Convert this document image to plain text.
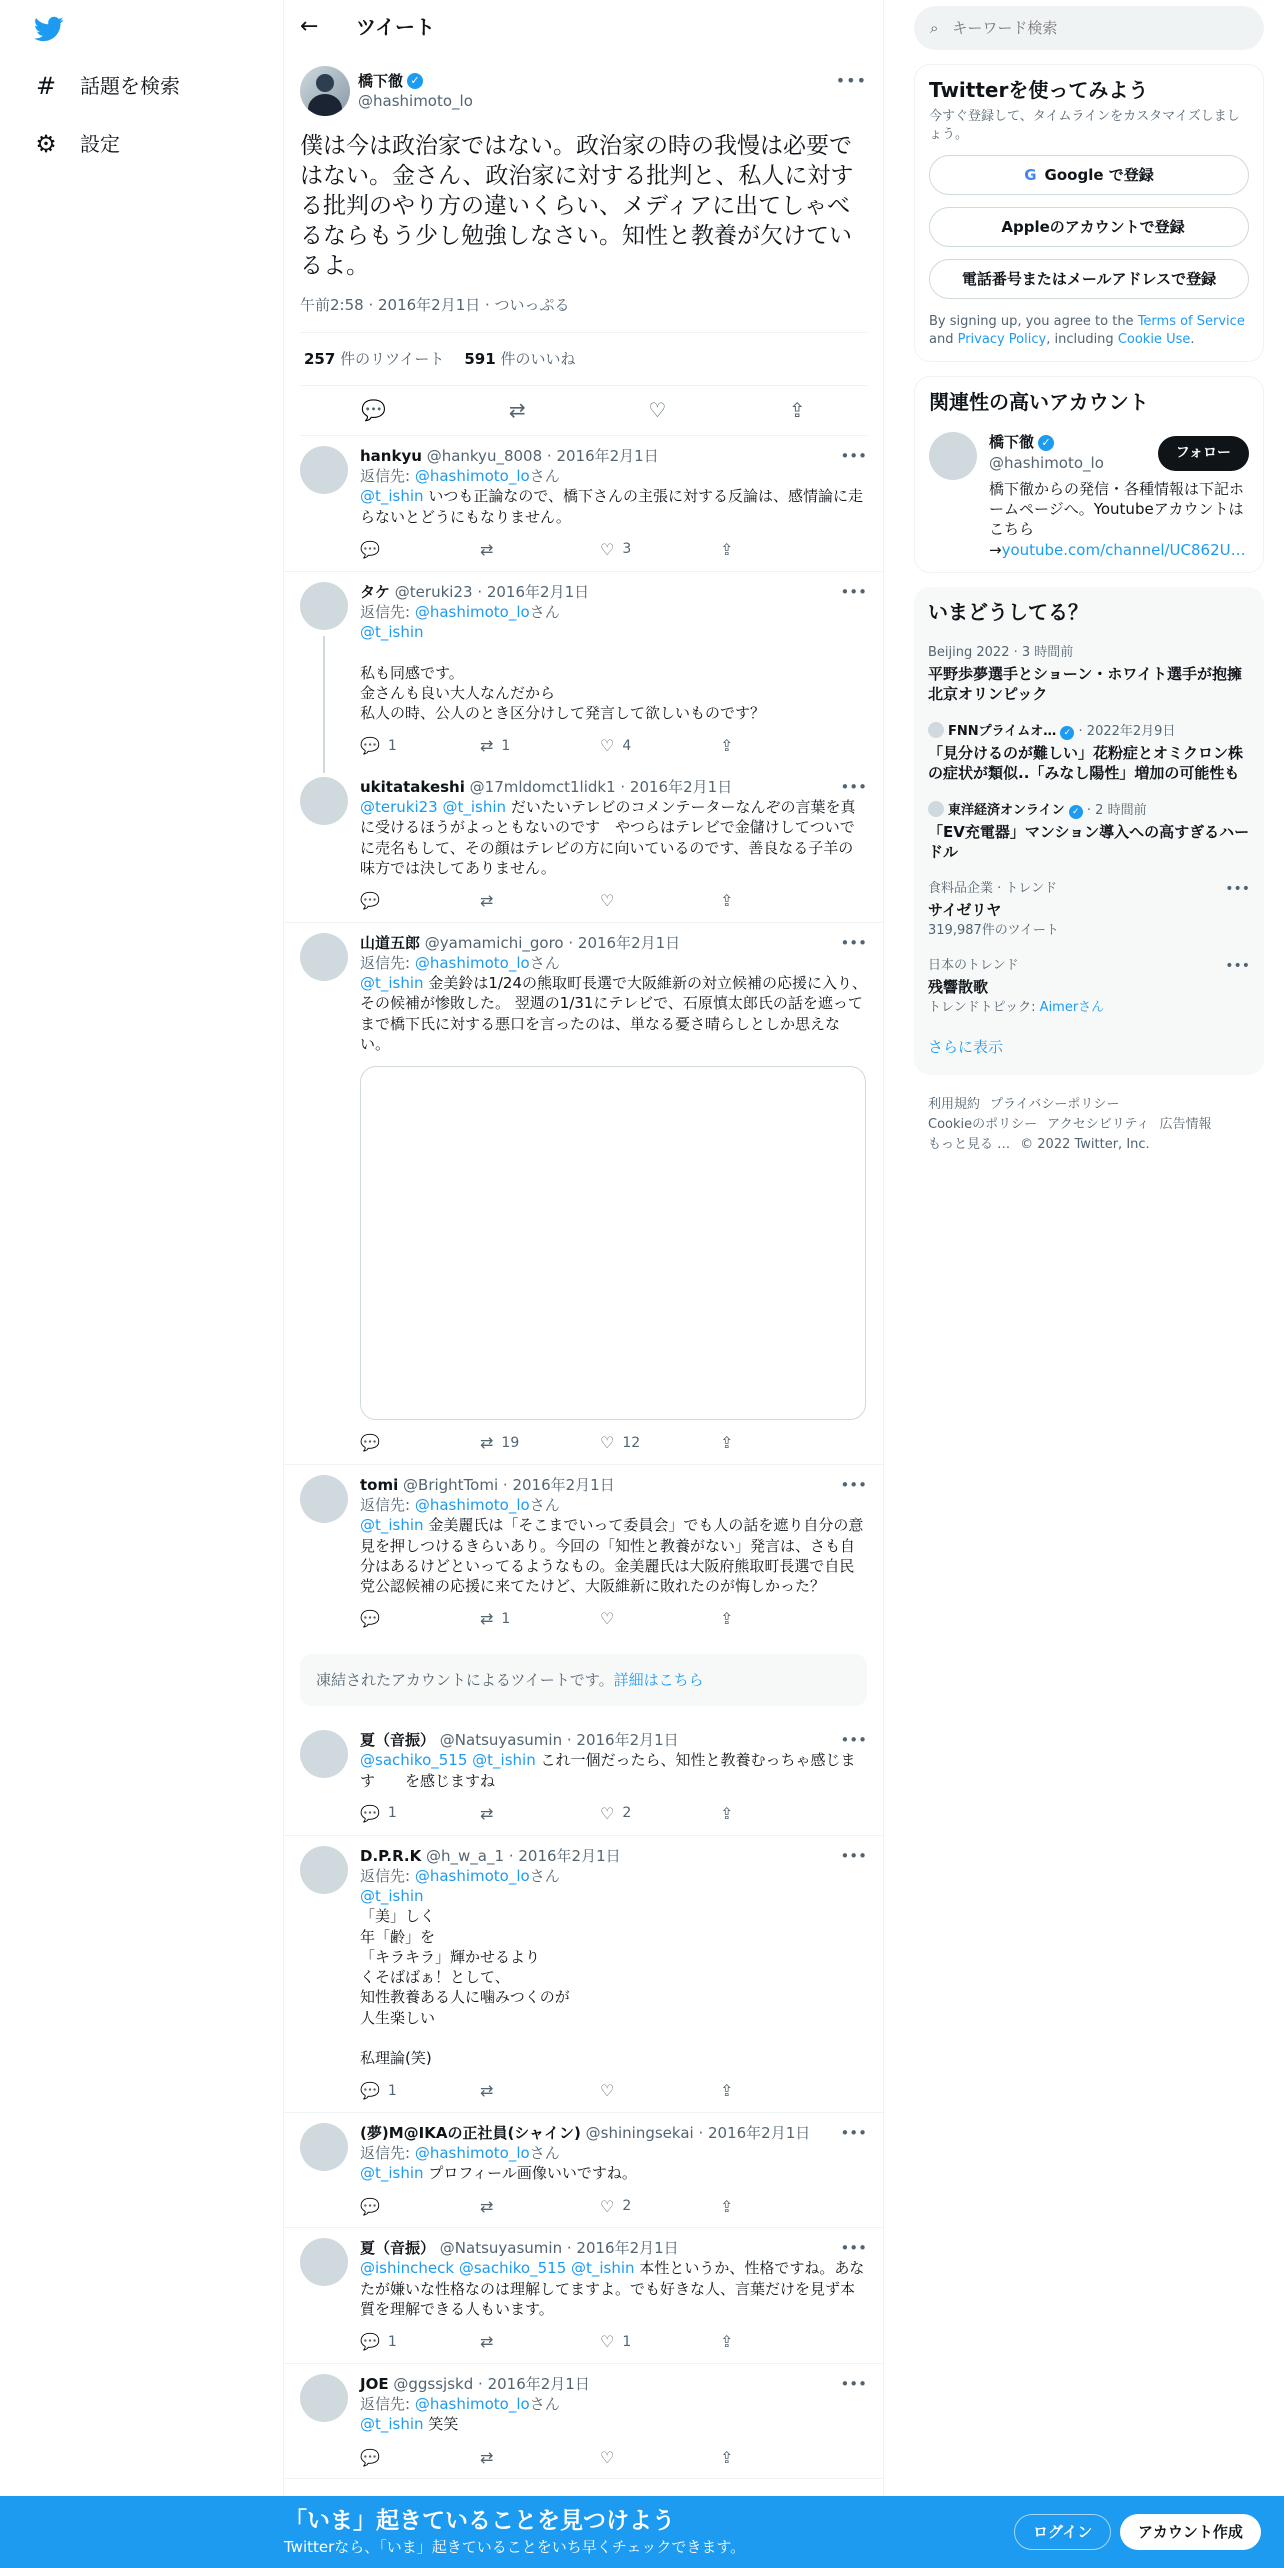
# 話題を検索
⚙ 設定
←	ツイート
橋下徹 ✓
@hashimoto_lo
•••
僕は今は政治家ではない。政治家の時の我慢は必要ではない。金さん、政治家に対する批判と、私人に対する批判のやり方の違いくらい、メディアに出てしゃべるならもう少し勉強しなさい。知性と教養が欠けているよ。
午前2:58 · 2016年2月1日 · ついっぷる
257 件のリツイート 591 件のいいね
💬	⇄	♡	⇪
hankyu @hankyu_8008 · 2016年2月1日
返信先: @hashimoto_loさん
@t_ishin いつも正論なので、橋下さんの主張に対する反論は、感情論に走らないとどうにもなりません。
💬	⇄	♡ 3	⇪
•••
タケ @teruki23 · 2016年2月1日
返信先: @hashimoto_loさん
@t_ishin

私も同感です。
金さんも良い大人なんだから
私人の時、公人のとき区分けして発言して欲しいものです？
💬 1	⇄ 1	♡ 4	⇪
•••
ukitatakeshi @17mldomct1lidk1 · 2016年2月1日
@teruki23 @t_ishin だいたいテレビのコメンテーターなんぞの言葉を真に受けるほうがよっともないのです　やつらはテレビで金儲けしてついでに売名もして、その顔はテレビの方に向いているのです、善良なる子羊の味方では決してありません。
💬	⇄	♡	⇪
•••
山道五郎 @yamamichi_goro · 2016年2月1日
返信先: @hashimoto_loさん
@t_ishin 金美鈴は1/24の熊取町長選で大阪維新の対立候補の応援に入り、その候補が惨敗した。 翌週の1/31にテレビで、石原慎太郎氏の話を遮ってまで橋下氏に対する悪口を言ったのは、単なる憂さ晴らしとしか思えない。
💬	⇄ 19	♡ 12	⇪
•••
tomi @BrightTomi · 2016年2月1日
返信先: @hashimoto_loさん
@t_ishin 金美麗氏は「そこまでいって委員会」でも人の話を遮り自分の意見を押しつけるきらいあり。今回の「知性と教養がない」発言は、さも自分はあるけどといってるようなもの。金美麗氏は大阪府熊取町長選で自民党公認候補の応援に来てたけど、大阪維新に敗れたのが悔しかった？
💬	⇄ 1	♡	⇪
•••
凍結されたアカウントによるツイートです。詳細はこちら
夏（音振） @Natsuyasumin · 2016年2月1日
@sachiko_515 @t_ishin これ一個だったら、知性と教養むっちゃ感じます　　を感じますね
💬 1	⇄	♡ 2	⇪
•••
D.P.R.K @h_w_a_1 · 2016年2月1日
返信先: @hashimoto_loさん
@t_ishin
「美」しく
年「齢」を
「キラキラ」輝かせるより
くそばばぁ！として、
知性教養ある人に噛みつくのが
人生楽しい

私理論(笑)
💬 1	⇄	♡	⇪
•••
(夢)M@IKAの正社員(シャイン) @shiningsekai · 2016年2月1日
返信先: @hashimoto_loさん
@t_ishin プロフィール画像いいですね。
💬	⇄	♡ 2	⇪
•••
夏（音振） @Natsuyasumin · 2016年2月1日
@ishincheck @sachiko_515 @t_ishin 本性というか、性格ですね。あなたが嫌いな性格なのは理解してますよ。でも好きな人、言葉だけを見ず本質を理解できる人もいます。
💬 1	⇄	♡ 1	⇪
•••
JOE @ggssjskd · 2016年2月1日
返信先: @hashimoto_loさん
@t_ishin 笑笑
💬	⇄	♡	⇪
•••
⌕
キーワード検索
Twitterを使ってみよう
今すぐ登録して、タイムラインをカスタマイズしましょう。
G Google で登録
Appleのアカウントで登録
電話番号またはメールアドレスで登録
By signing up, you agree to the Terms of Service and Privacy Policy, including Cookie Use.
関連性の高いアカウント
橋下徹 ✓
@hashimoto_lo
橋下徹からの発信・各種情報は下記ホームページへ。Youtubeアカウントはこちら
→youtube.com/channel/UC862U…
フォロー
いまどうしてる？
Beijing 2022 · 3 時間前
平野歩夢選手とショーン・ホワイト選手が抱擁 北京オリンピック
FNNプライムオ… ✓ · 2022年2月9日
「見分けるのが難しい」花粉症とオミクロン株の症状が類似..「みなし陽性」増加の可能性も
東洋経済オンライン ✓ · 2 時間前
「EV充電器」マンション導入への高すぎるハードル
食料品企業 · トレンド
サイゼリヤ
319,987件のツイート
•••
日本のトレンド
残響散歌
トレンドトピック: Aimerさん
•••
さらに表示
利用規約 プライバシーポリシー
Cookieのポリシー アクセシビリティ 広告情報
もっと見る … © 2022 Twitter, Inc.
「いま」起きていることを見つけよう
Twitterなら、「いま」起きていることをいち早くチェックできます。
ログイン	アカウント作成
